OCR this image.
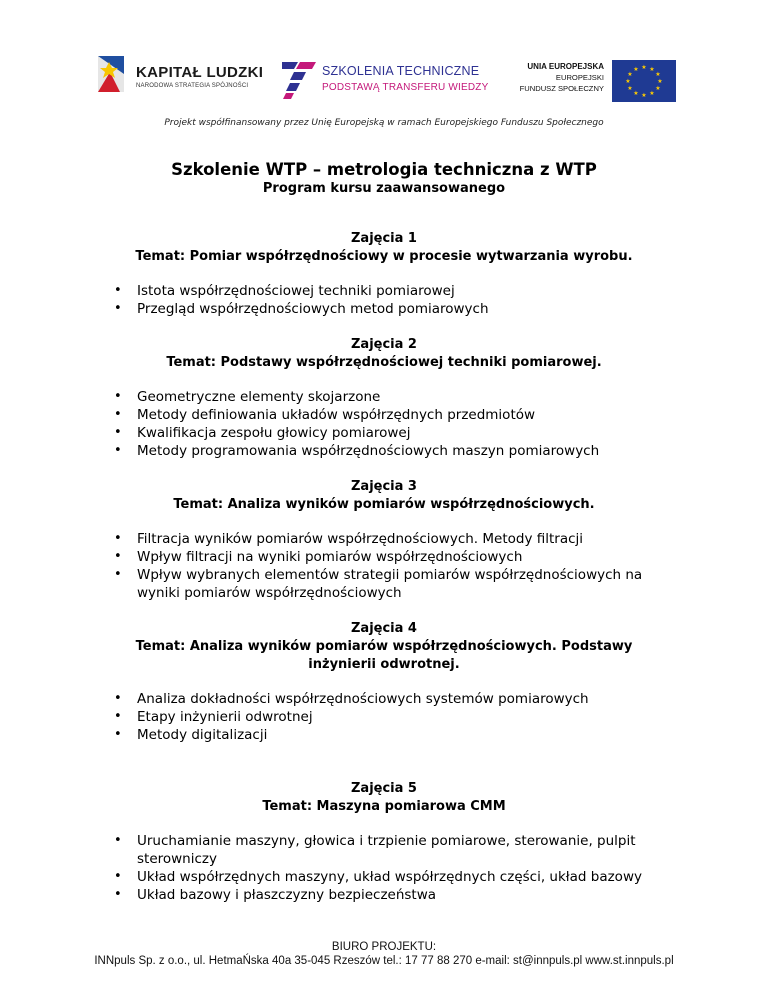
KAPITAŁ LUDZKI
NARODOWA STRATEGIA SPÓJNOŚCI
SZKOLENIA TECHNICZNE
PODSTAWĄ TRANSFERU WIEDZY
UNIA EUROPEJSKA
EUROPEJSKI
FUNDUSZ SPOŁECZNY
★ ★
★
★
★
★
★
★
★
★
★
★
Projekt współfinansowany przez Unię Europejską w ramach Europejskiego Funduszu Społecznego
Szkolenie WTP – metrologia techniczna z WTP
Program kursu zaawansowanego
Zajęcia 1
Temat: Pomiar współrzędnościowy w procesie wytwarzania wyrobu.
• Istota współrzędnościowej techniki pomiarowej
• Przegląd współrzędnościowych metod pomiarowych
Zajęcia 2
Temat: Podstawy współrzędnościowej techniki pomiarowej.
• Geometryczne elementy skojarzone
• Metody definiowania układów współrzędnych przedmiotów
• Kwalifikacja zespołu głowicy pomiarowej
• Metody programowania współrzędnościowych maszyn pomiarowych
Zajęcia 3
Temat: Analiza wyników pomiarów współrzędnościowych.
• Filtracja wyników pomiarów współrzędnościowych. Metody filtracji
• Wpływ filtracji na wyniki pomiarów współrzędnościowych
• Wpływ wybranych elementów strategii pomiarów współrzędnościowych na wyniki pomiarów współrzędnościowych
Zajęcia 4
Temat: Analiza wyników pomiarów współrzędnościowych. Podstawy inżynierii odwrotnej.
• Analiza dokładności współrzędnościowych systemów pomiarowych
• Etapy inżynierii odwrotnej
• Metody digitalizacji
Zajęcia 5
Temat: Maszyna pomiarowa CMM
• Uruchamianie maszyny, głowica i trzpienie pomiarowe, sterowanie, pulpit sterowniczy
• Układ współrzędnych maszyny, układ współrzędnych części, układ bazowy
• Układ bazowy i płaszczyzny bezpieczeństwa
BIURO PROJEKTU:
INNpuls Sp. z o.o., ul. HetmaŃska 40a 35-045 Rzeszów tel.: 17 77 88 270 e-mail: st@innpuls.pl www.st.innpuls.pl
